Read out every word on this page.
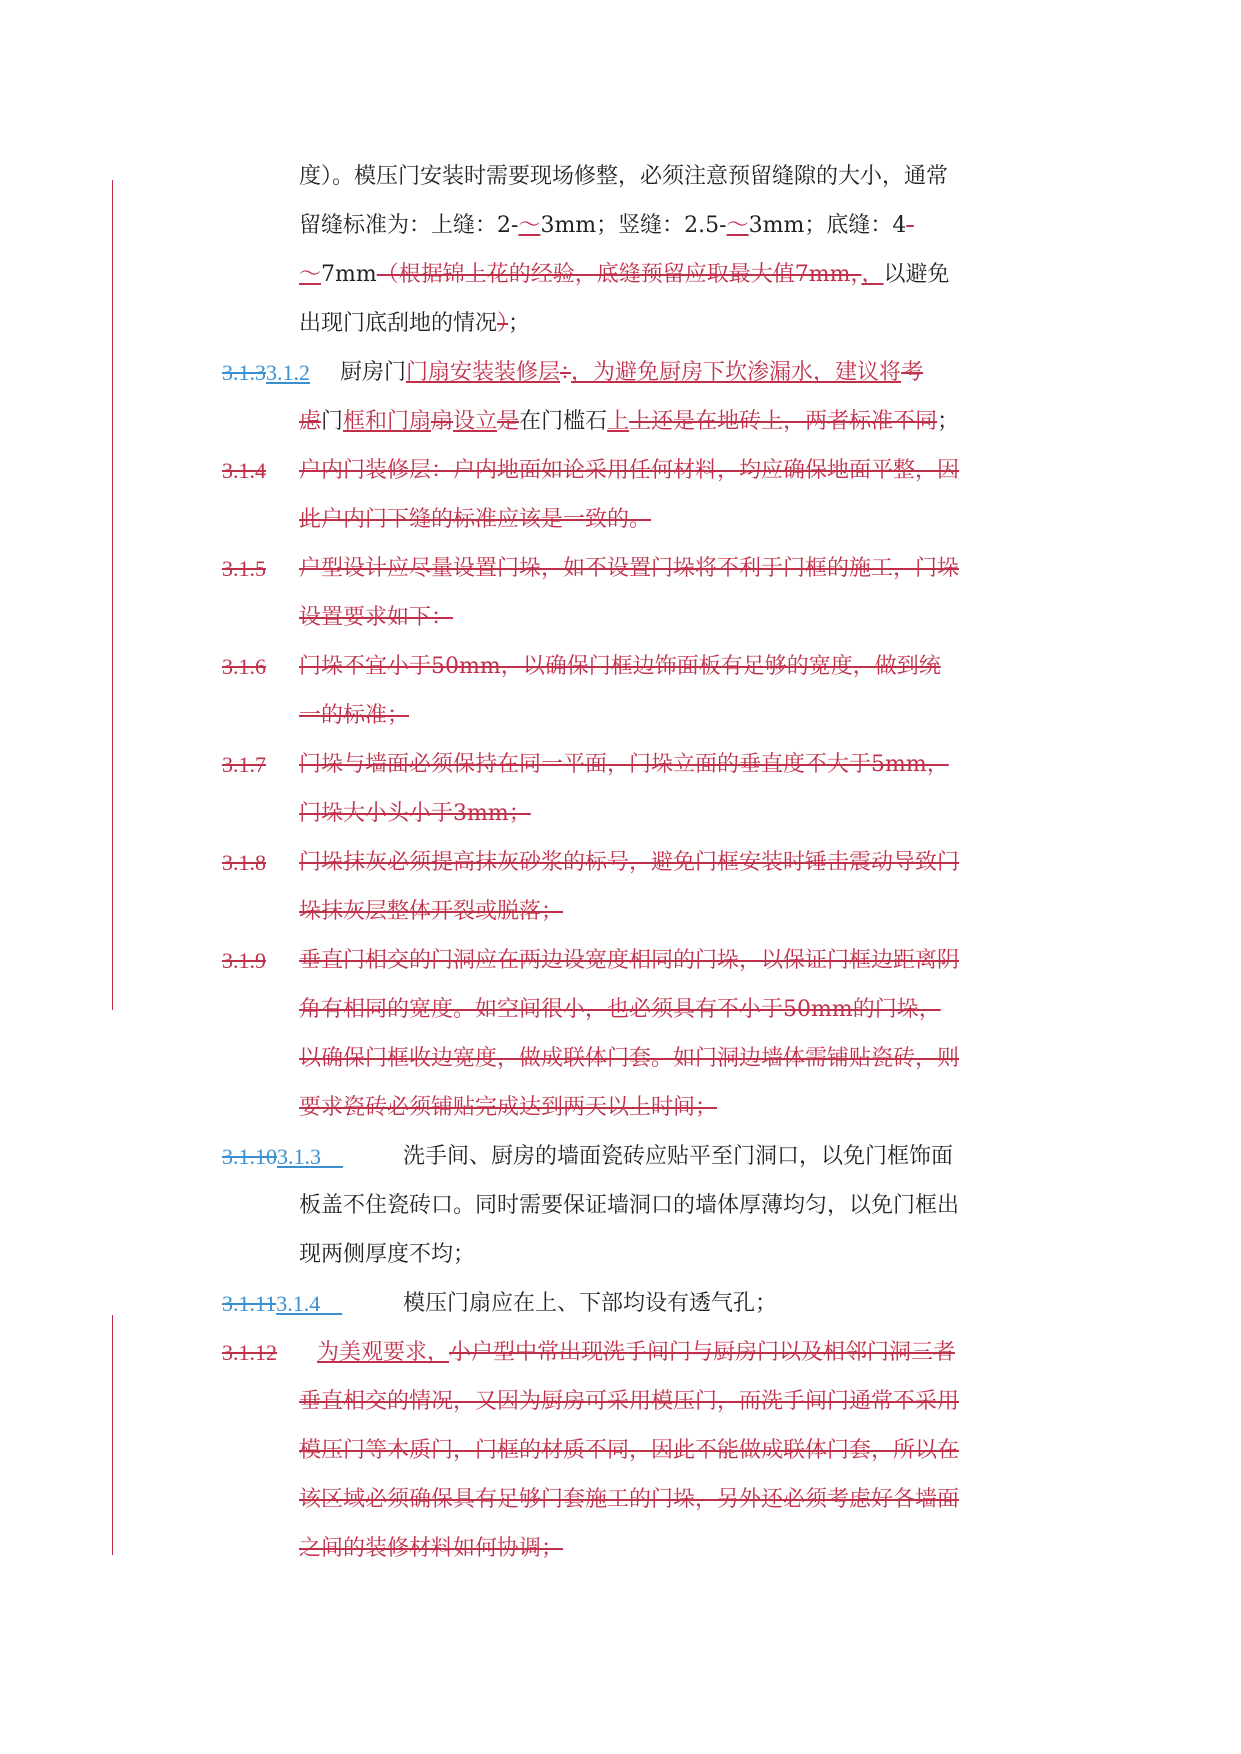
度）。模压门安装时需要现场修整，必须注意预留缝隙的大小，通常
留缝标准为：上缝：2-～3mm；竖缝：2.5-～3mm；底缝：4-
～7mm（根据锦上花的经验，底缝预留应取最大值7mm，，以避免
出现门底刮地的情况）；
3.1.33.1.2 厨房门门扇安装装修层：，为避免厨房下坎渗漏水，建议将考
虑门框和门扇扇设立是在门槛石上上还是在地砖上，两者标准不同；
3.1.4 户内门装修层：户内地面如论采用任何材料，均应确保地面平整，因
此户内门下缝的标准应该是一致的。
3.1.5 户型设计应尽量设置门垛，如不设置门垛将不利于门框的施工，门垛
设置要求如下：
3.1.6 门垛不宜小于50mm，以确保门框边饰面板有足够的宽度，做到统
一的标准；
3.1.7 门垛与墙面必须保持在同一平面，门垛立面的垂直度不大于5mm，
门垛大小头小于3mm；
3.1.8 门垛抹灰必须提高抹灰砂浆的标号，避免门框安装时锤击震动导致门
垛抹灰层整体开裂或脱落；
3.1.9 垂直门相交的门洞应在两边设宽度相同的门垛，以保证门框边距离阴
角有相同的宽度。如空间很小，也必须具有不小于50mm的门垛，
以确保门框收边宽度，做成联体门套。如门洞边墙体需铺贴瓷砖，则
要求瓷砖必须铺贴完成达到两天以上时间；
3.1.103.1.3	洗手间、厨房的墙面瓷砖应贴平至门洞口，以免门框饰面
板盖不住瓷砖口。同时需要保证墙洞口的墙体厚薄均匀，以免门框出
现两侧厚度不均；
3.1.113.1.4	模压门扇应在上、下部均设有透气孔；
3.1.12 为美观要求，小户型中常出现洗手间门与厨房门以及相邻门洞三者
垂直相交的情况，又因为厨房可采用模压门，而洗手间门通常不采用
模压门等木质门，门框的材质不同，因此不能做成联体门套，所以在
该区域必须确保具有足够门套施工的门垛，另外还必须考虑好各墙面
之间的装修材料如何协调；
